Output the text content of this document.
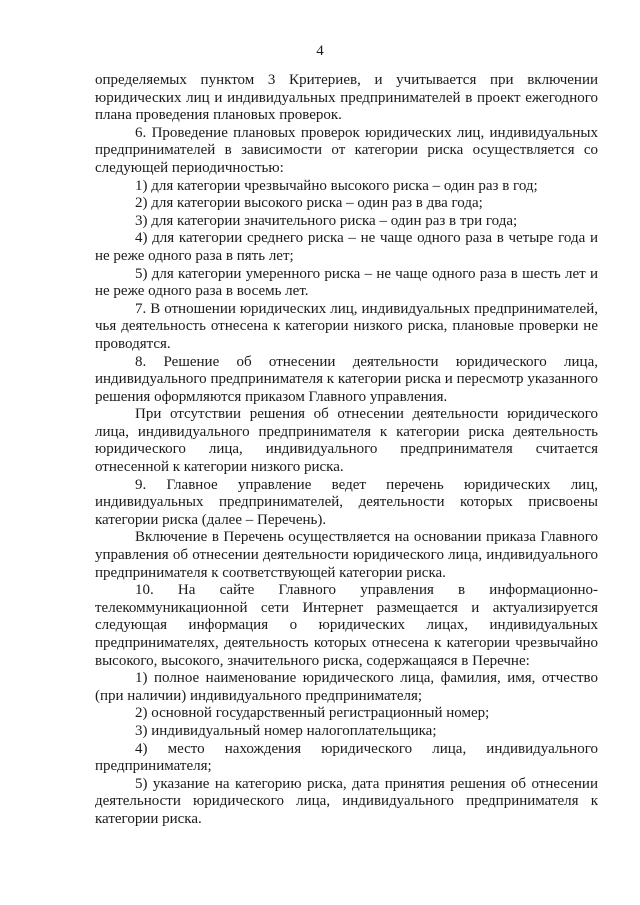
4

определяемых пунктом 3 Критериев, и учитывается при включении юридических лиц и индивидуальных предпринимателей в проект ежегодного плана проведения плановых проверок.

6. Проведение плановых проверок юридических лиц, индивидуальных предпринимателей в зависимости от категории риска осуществляется со следующей периодичностью:

1) для категории чрезвычайно высокого риска – один раз в год;

2) для категории высокого риска – один раз в два года;

3) для категории значительного риска – один раз в три года;

4) для категории среднего риска – не чаще одного раза в четыре года и не реже одного раза в пять лет;

5) для категории умеренного риска – не чаще одного раза в шесть лет и не реже одного раза в восемь лет.

7. В отношении юридических лиц, индивидуальных предпринимателей, чья деятельность отнесена к категории низкого риска, плановые проверки не проводятся.

8. Решение об отнесении деятельности юридического лица, индивидуального предпринимателя к категории риска и пересмотр указанного решения оформляются приказом Главного управления.

При отсутствии решения об отнесении деятельности юридического лица, индивидуального предпринимателя к категории риска деятельность юридического лица, индивидуального предпринимателя считается отнесенной к категории низкого риска.

9. Главное управление ведет перечень юридических лиц, индивидуальных предпринимателей, деятельности которых присвоены категории риска (далее – Перечень).

Включение в Перечень осуществляется на основании приказа Главного управления об отнесении деятельности юридического лица, индивидуального предпринимателя к соответствующей категории риска.

10. На сайте Главного управления в информационно-телекоммуникационной сети Интернет размещается и актуализируется следующая информация о юридических лицах, индивидуальных предпринимателях, деятельность которых отнесена к категории чрезвычайно высокого, высокого, значительного риска, содержащаяся в Перечне:

1) полное наименование юридического лица, фамилия, имя, отчество (при наличии) индивидуального предпринимателя;

2) основной государственный регистрационный номер;

3) индивидуальный номер налогоплательщика;

4) место нахождения юридического лица, индивидуального предпринимателя;

5) указание на категорию риска, дата принятия решения об отнесении деятельности юридического лица, индивидуального предпринимателя к категории риска.
